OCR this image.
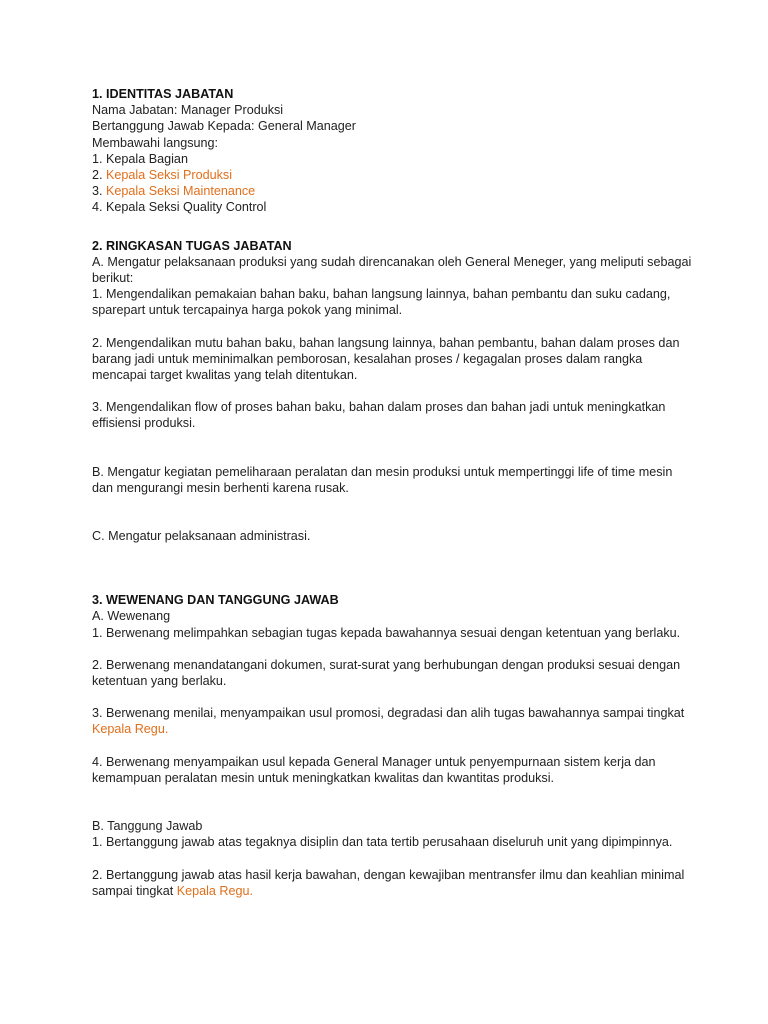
1. IDENTITAS JABATAN

Nama Jabatan: Manager Produksi

Bertanggung Jawab Kepada: General Manager

Membawahi langsung:

1. Kepala Bagian

2. Kepala Seksi Produksi

3. Kepala Seksi Maintenance

4. Kepala Seksi Quality Control

2. RINGKASAN TUGAS JABATAN

A. Mengatur pelaksanaan produksi yang sudah direncanakan oleh General Meneger, yang meliputi sebagai berikut:

1. Mengendalikan pemakaian bahan baku, bahan langsung lainnya, bahan pembantu dan suku cadang, sparepart untuk tercapainya harga pokok yang minimal.

2. Mengendalikan mutu bahan baku, bahan langsung lainnya, bahan pembantu, bahan dalam proses dan barang jadi untuk meminimalkan pemborosan, kesalahan proses / kegagalan proses dalam rangka mencapai target kwalitas yang telah ditentukan.

3. Mengendalikan flow of proses bahan baku, bahan dalam proses dan bahan jadi untuk meningkatkan effisiensi produksi.

B. Mengatur kegiatan pemeliharaan peralatan dan mesin produksi untuk mempertinggi life of time mesin dan mengurangi mesin berhenti karena rusak.

C. Mengatur pelaksanaan administrasi.

3. WEWENANG DAN TANGGUNG JAWAB

A. Wewenang

1. Berwenang melimpahkan sebagian tugas kepada bawahannya sesuai dengan ketentuan yang berlaku.

2. Berwenang menandatangani dokumen, surat-surat yang berhubungan dengan produksi sesuai dengan ketentuan yang berlaku.

3. Berwenang menilai, menyampaikan usul promosi, degradasi dan alih tugas bawahannya sampai tingkat Kepala Regu.

4. Berwenang menyampaikan usul kepada General Manager untuk penyempurnaan sistem kerja dan kemampuan peralatan mesin untuk meningkatkan kwalitas dan kwantitas produksi.

B. Tanggung Jawab

1. Bertanggung jawab atas tegaknya disiplin dan tata tertib perusahaan diseluruh unit yang dipimpinnya.

2. Bertanggung jawab atas hasil kerja bawahan, dengan kewajiban mentransfer ilmu dan keahlian minimal sampai tingkat Kepala Regu.
